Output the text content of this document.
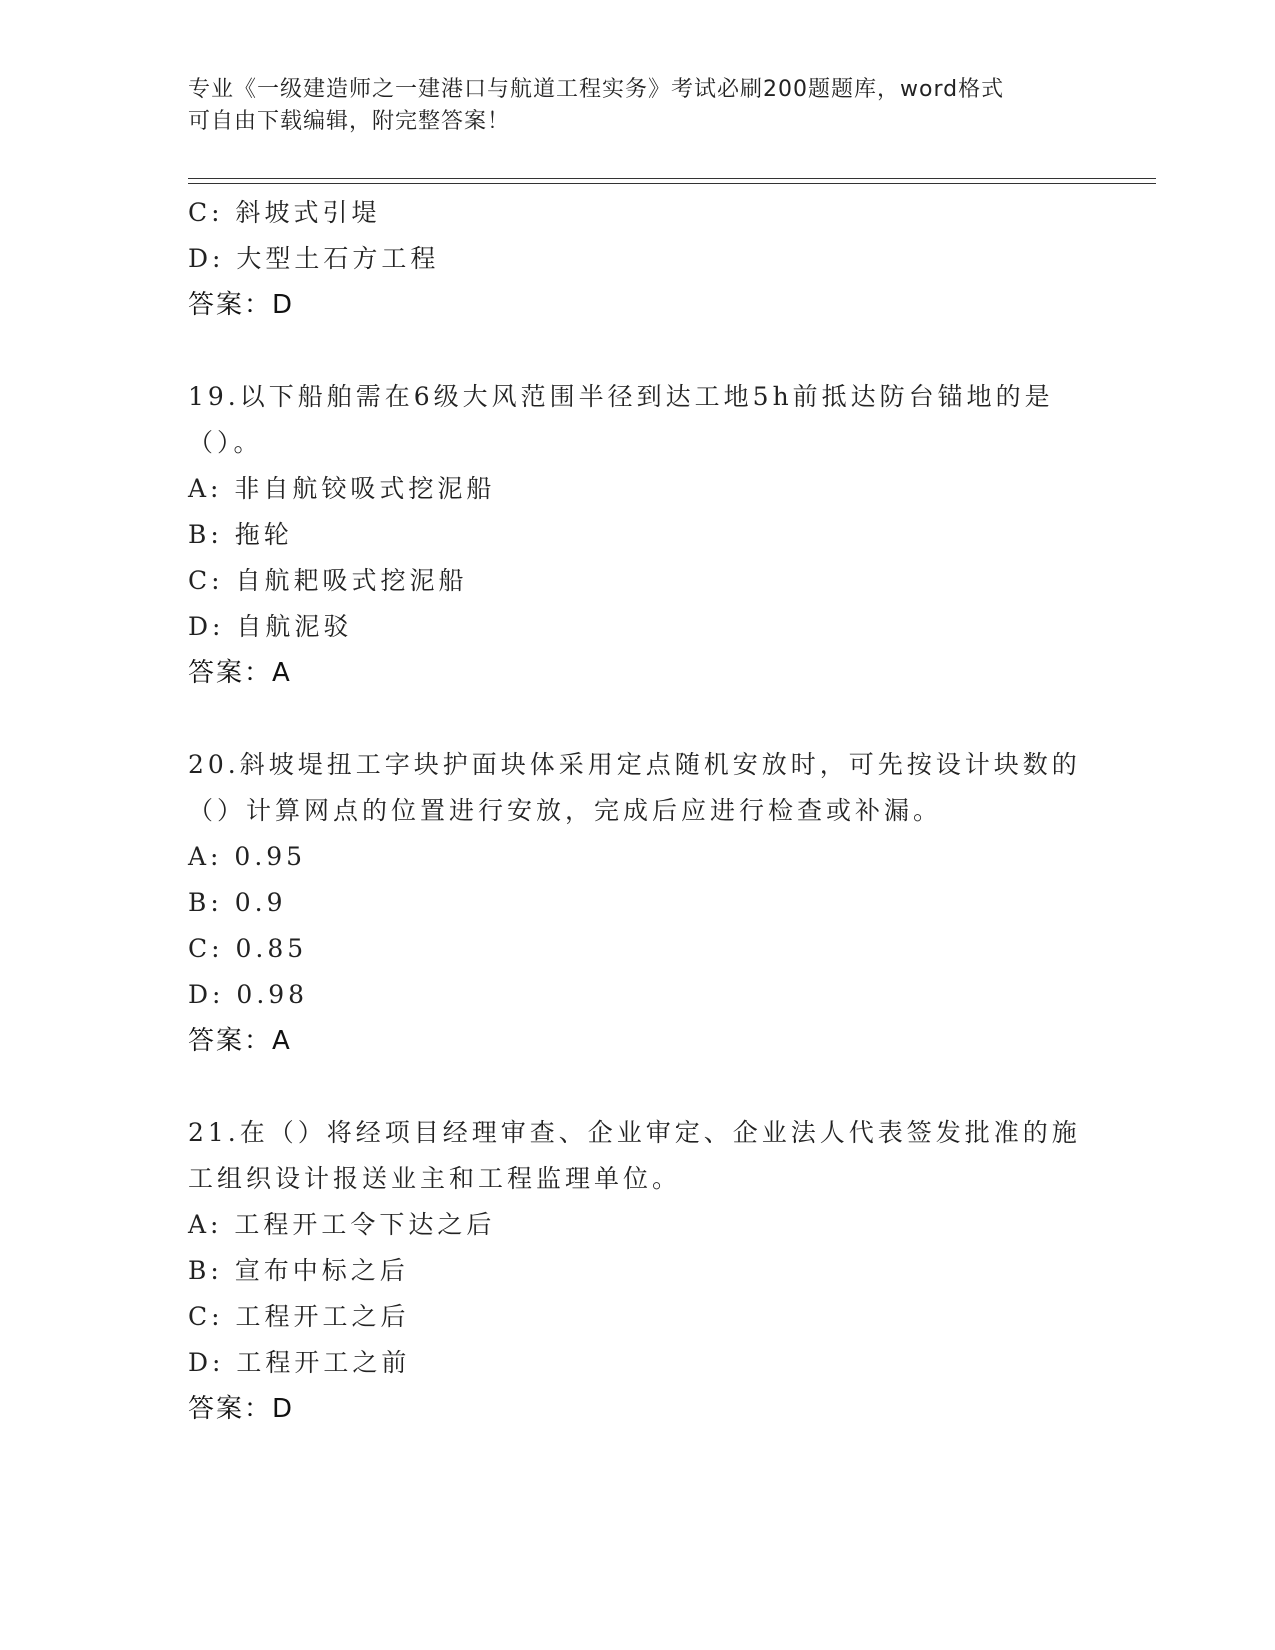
专业《一级建造师之一建港口与航道工程实务》考试必刷200题题库，word格式
可自由下载编辑，附完整答案！
C: 斜坡式引堤
D: 大型土石方工程
答案：D
19.以下船舶需在6级大风范围半径到达工地5h前抵达防台锚地的是
（）。
A: 非自航铰吸式挖泥船
B: 拖轮
C: 自航耙吸式挖泥船
D: 自航泥驳
答案：A
20.斜坡堤扭工字块护面块体采用定点随机安放时，可先按设计块数的
（）计算网点的位置进行安放，完成后应进行检查或补漏。
A: 0.95
B: 0.9
C: 0.85
D: 0.98
答案：A
21.在（）将经项目经理审查、企业审定、企业法人代表签发批准的施
工组织设计报送业主和工程监理单位。
A: 工程开工令下达之后
B: 宣布中标之后
C: 工程开工之后
D: 工程开工之前
答案：D
